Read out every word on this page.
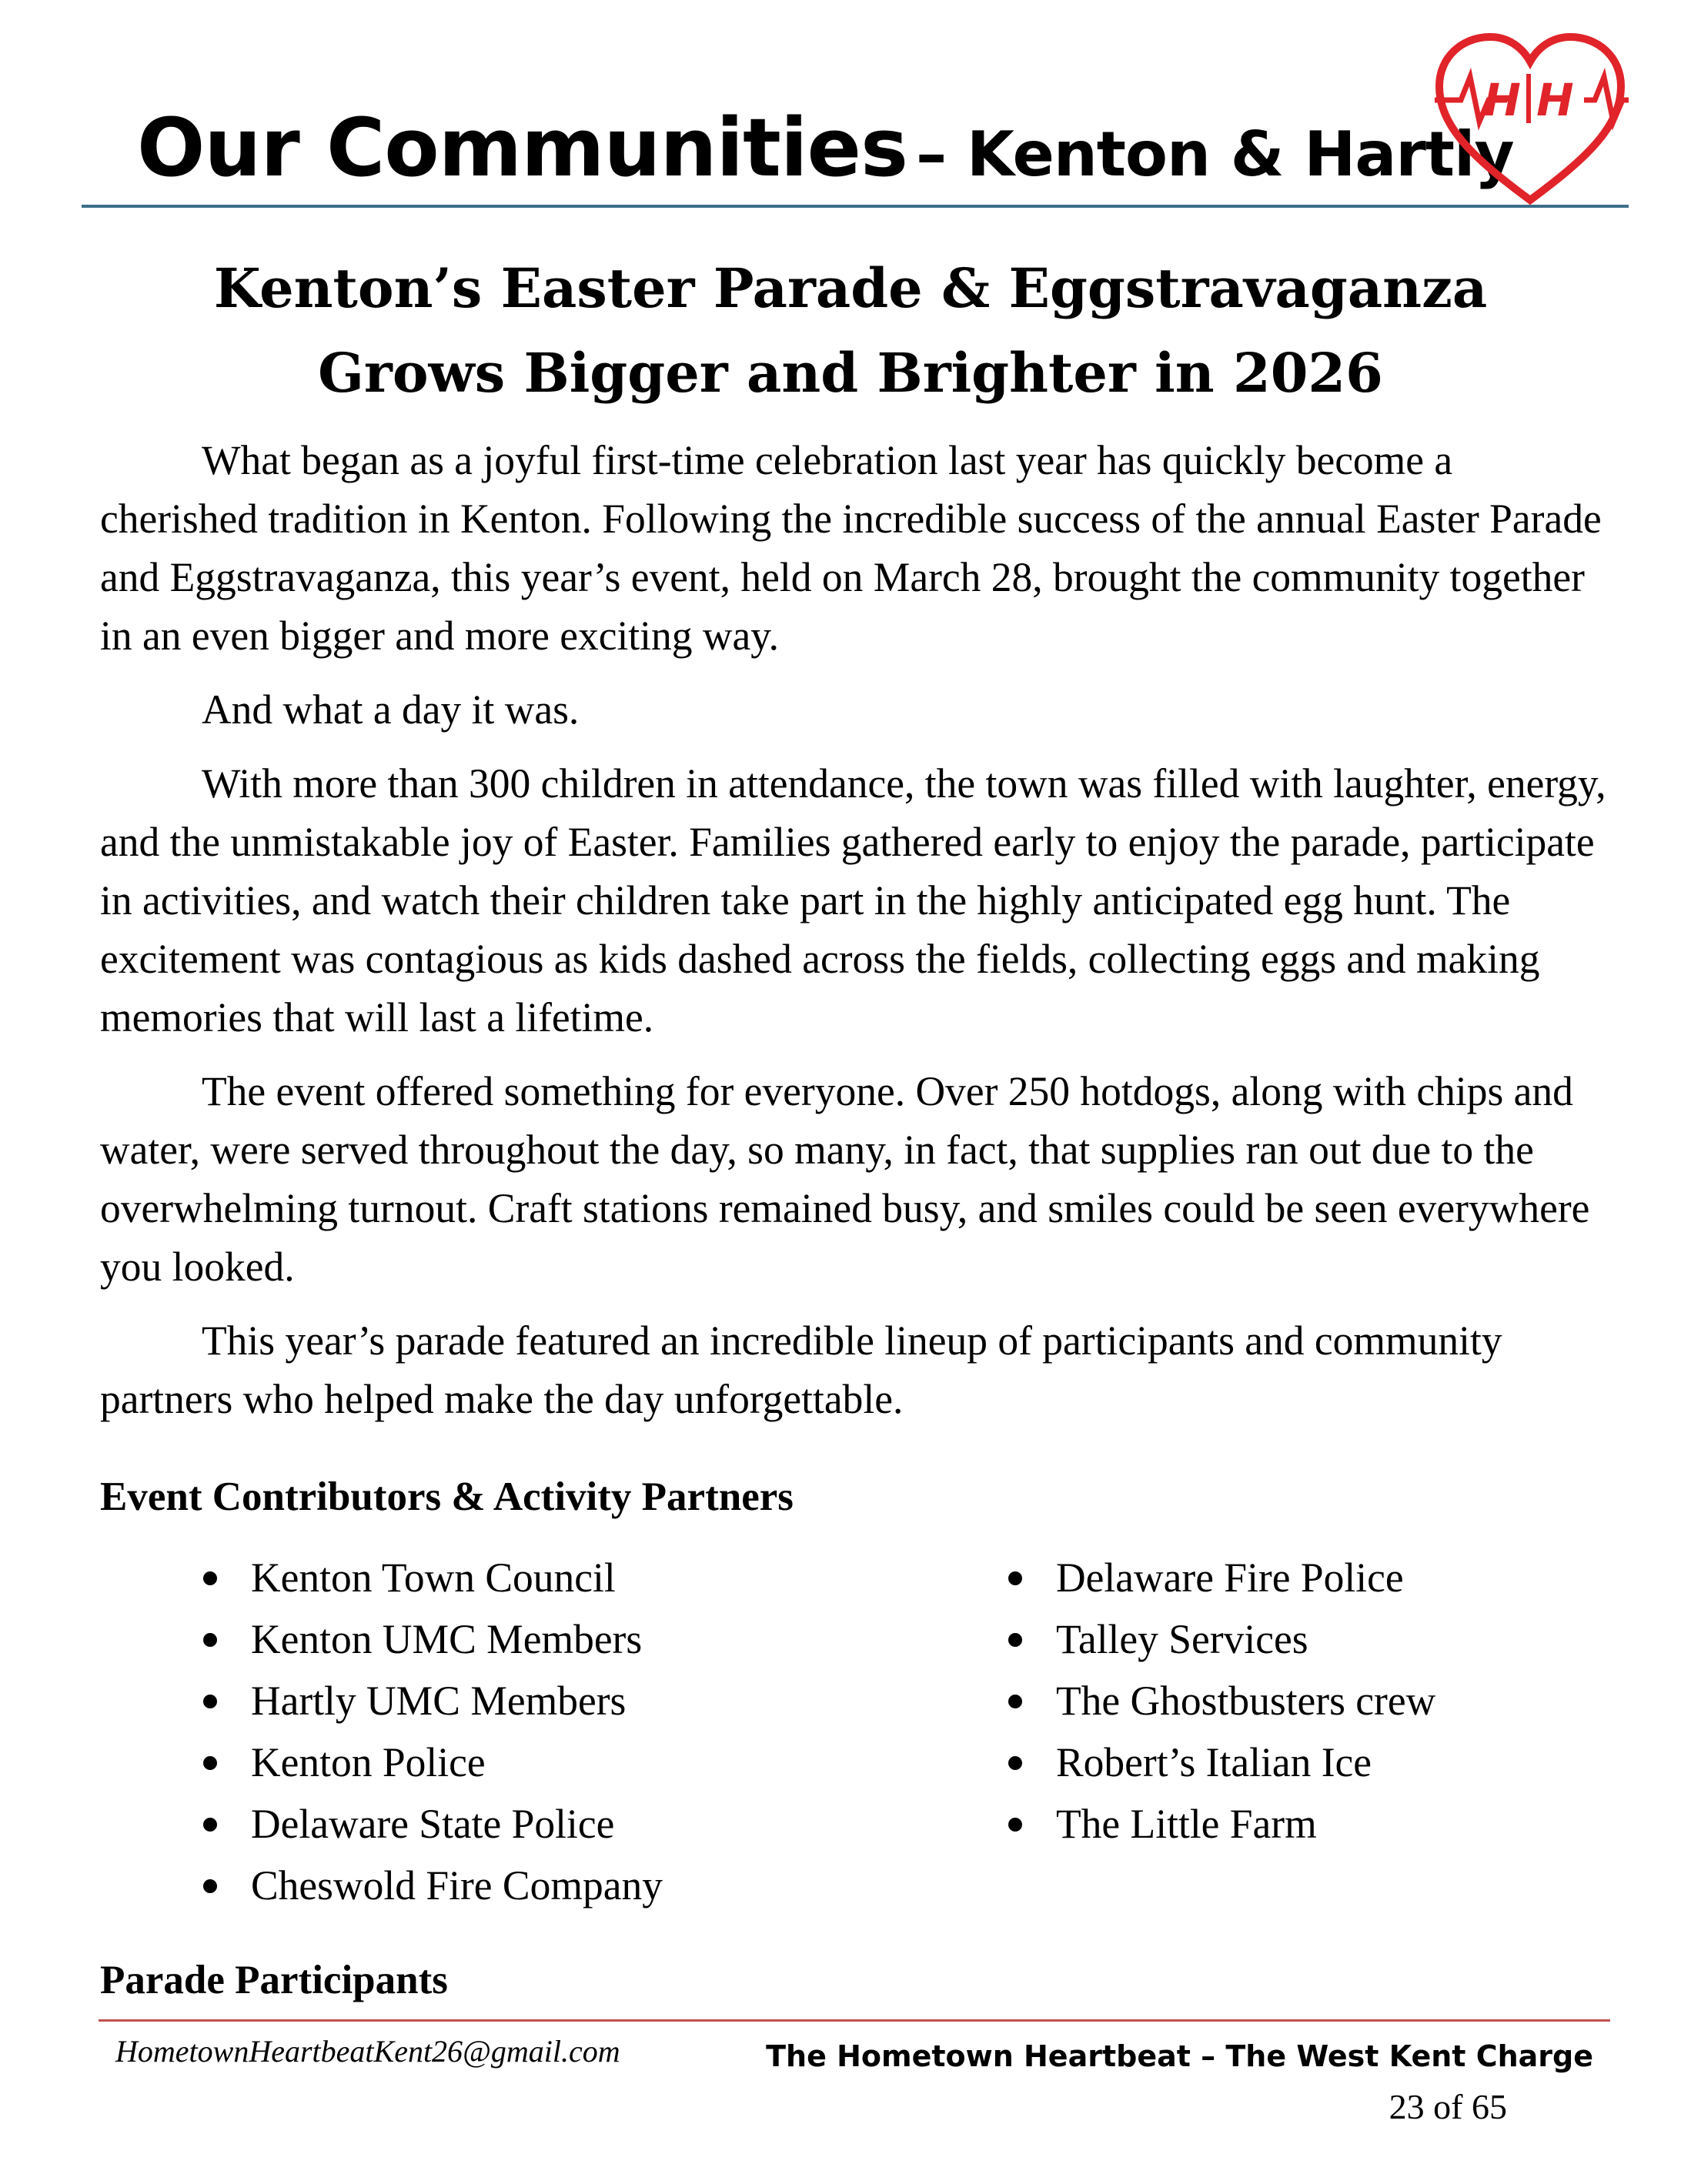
Our Communities – Kenton & Hartly
H H
Kenton’s Easter Parade & Eggstravaganza
Grows Bigger and Brighter in 2026

What began as a joyful first-time celebration last year has quickly become a cherished tradition in Kenton. Following the incredible success of the annual Easter Parade and Eggstravaganza, this year’s event, held on March 28, brought the community together in an even bigger and more exciting way.

And what a day it was.

With more than 300 children in attendance, the town was filled with laughter, energy, and the unmistakable joy of Easter. Families gathered early to enjoy the parade, participate in activities, and watch their children take part in the highly anticipated egg hunt. The excitement was contagious as kids dashed across the fields, collecting eggs and making memories that will last a lifetime.

The event offered something for everyone. Over 250 hotdogs, along with chips and water, were served throughout the day, so many, in fact, that supplies ran out due to the overwhelming turnout. Craft stations remained busy, and smiles could be seen everywhere you looked.

This year’s parade featured an incredible lineup of participants and community partners who helped make the day unforgettable.

Event Contributors & Activity Partners
Kenton Town Council
Kenton UMC Members
Hartly UMC Members
Kenton Police
Delaware State Police
Cheswold Fire Company
Delaware Fire Police
Talley Services
The Ghostbusters crew
Robert’s Italian Ice
The Little Farm
Parade Participants
HometownHeartbeatKent26@gmail.com	The Hometown Heartbeat – The West Kent Charge
23 of 65
